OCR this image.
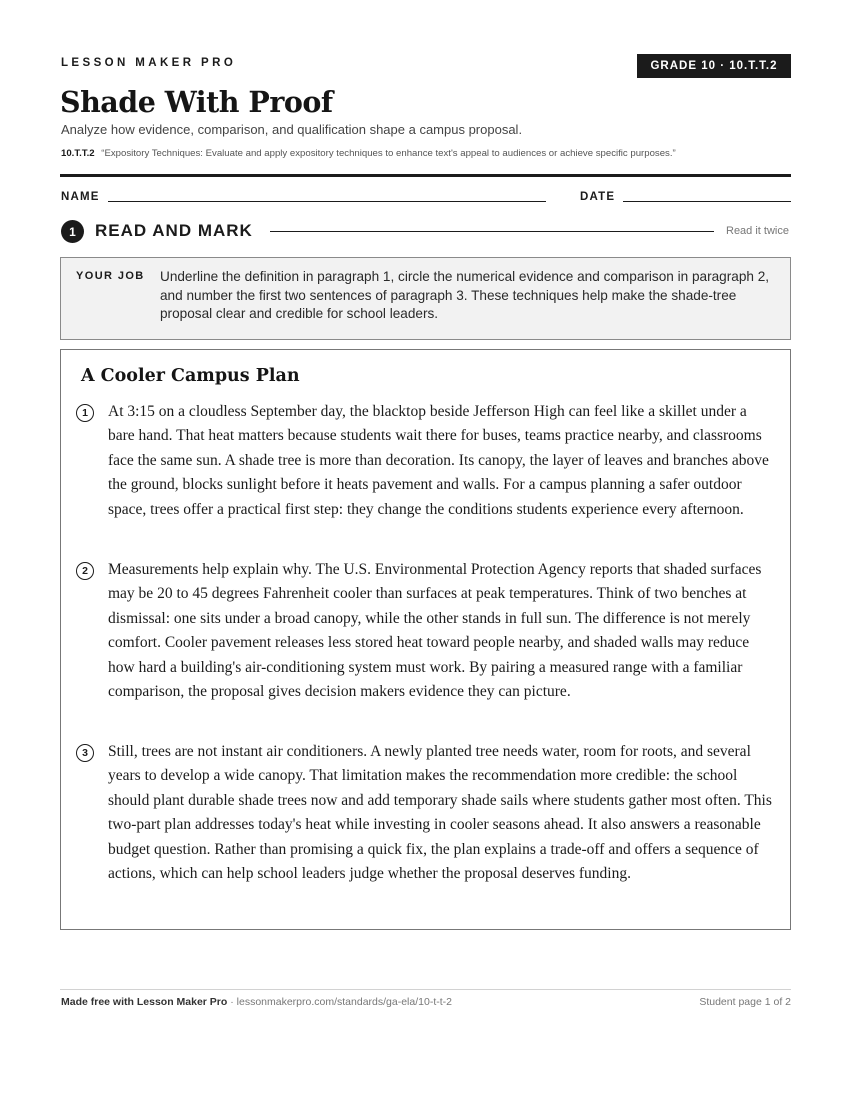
LESSON MAKER PRO	GRADE 10 · 10.T.T.2
Shade With Proof
Analyze how evidence, comparison, and qualification shape a campus proposal.
10.T.T.2 “Expository Techniques: Evaluate and apply expository techniques to enhance text's appeal to audiences or achieve specific purposes.”
NAME	DATE
1	READ AND MARK	Read it twice
YOUR JOB Underline the definition in paragraph 1, circle the numerical evidence and comparison in paragraph 2, and number the first two sentences of paragraph 3. These techniques help make the shade-tree proposal clear and credible for school leaders.
A Cooler Campus Plan
1	At 3:15 on a cloudless September day, the blacktop beside Jefferson High can feel like a skillet under a bare hand. That heat matters because students wait there for buses, teams practice nearby, and classrooms face the same sun. A shade tree is more than decoration. Its canopy, the layer of leaves and branches above the ground, blocks sunlight before it heats pavement and walls. For a campus planning a safer outdoor space, trees offer a practical first step: they change the conditions students experience every afternoon.

2	Measurements help explain why. The U.S. Environmental Protection Agency reports that shaded surfaces may be 20 to 45 degrees Fahrenheit cooler than surfaces at peak temperatures. Think of two benches at dismissal: one sits under a broad canopy, while the other stands in full sun. The difference is not merely comfort. Cooler pavement releases less stored heat toward people nearby, and shaded walls may reduce how hard a building's air-conditioning system must work. By pairing a measured range with a familiar comparison, the proposal gives decision makers evidence they can picture.

3	Still, trees are not instant air conditioners. A newly planted tree needs water, room for roots, and several years to develop a wide canopy. That limitation makes the recommendation more credible: the school should plant durable shade trees now and add temporary shade sails where students gather most often. This two-part plan addresses today's heat while investing in cooler seasons ahead. It also answers a reasonable budget question. Rather than promising a quick fix, the plan explains a trade-off and offers a sequence of actions, which can help school leaders judge whether the proposal deserves funding.

Made free with Lesson Maker Pro · lessonmakerpro.com/standards/ga-ela/10-t-t-2	Student page 1 of 2
